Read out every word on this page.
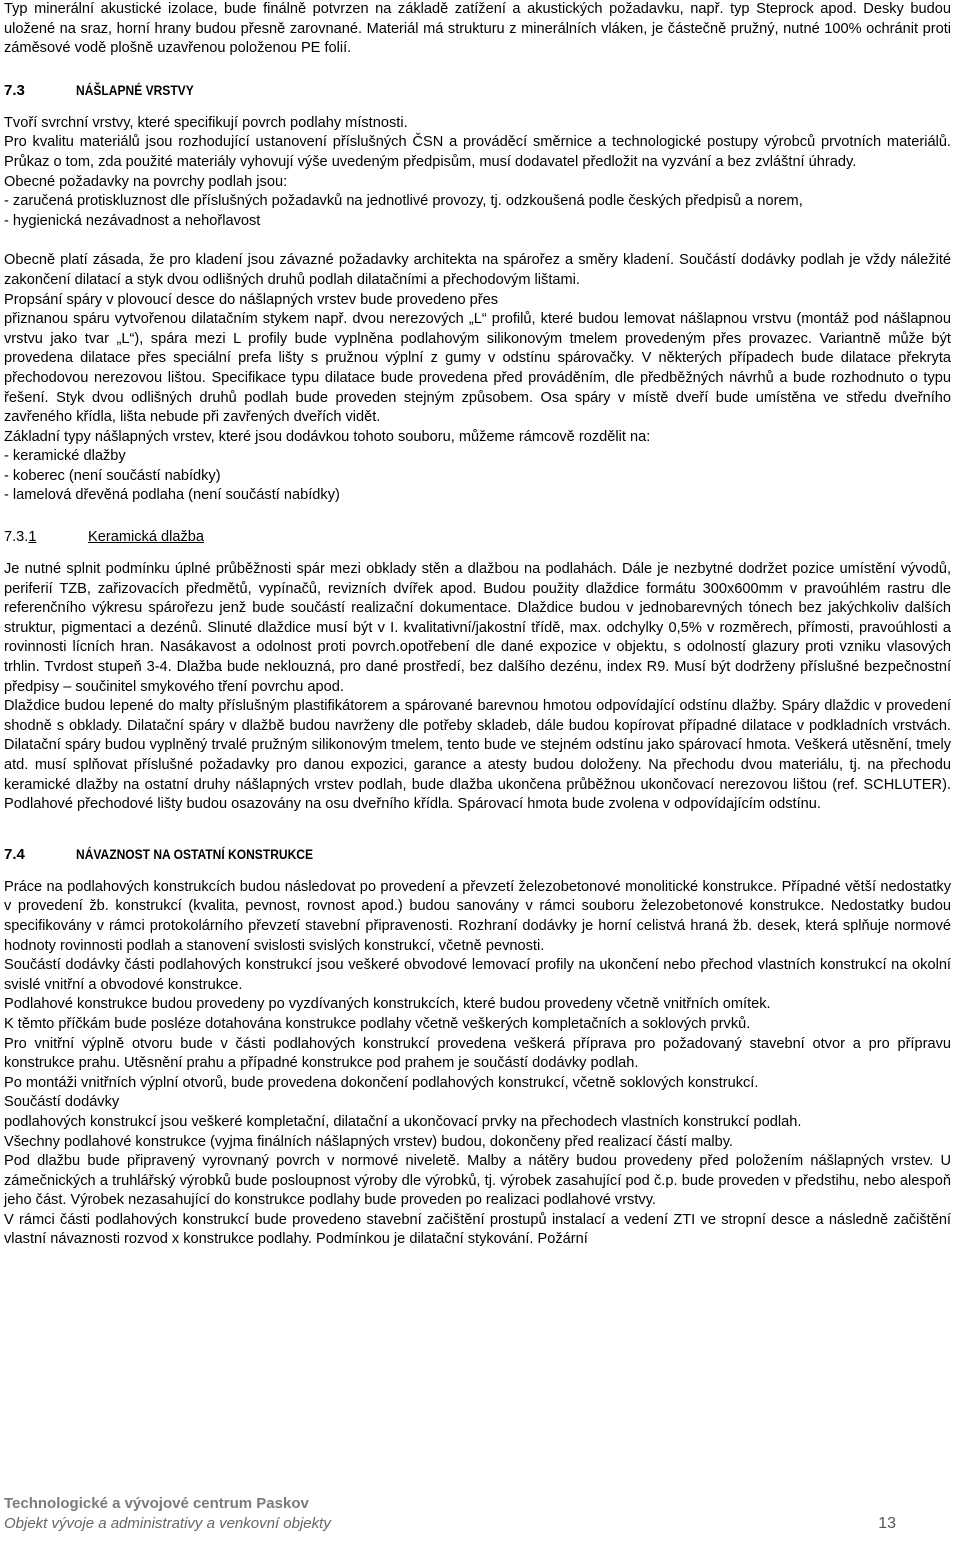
Typ minerální akustické izolace, bude finálně potvrzen na základě zatížení a akustických požadavku, např. typ Steprock apod. Desky budou uložené na sraz, horní hrany budou přesně zarovnané. Materiál má strukturu z minerálních vláken, je částečně pružný, nutné 100% ochránit proti záměsové vodě plošně uzavřenou položenou PE folií.

7.3	NÁŠLAPNÉ VRSTVY

Tvoří svrchní vrstvy, které specifikují povrch podlahy místnosti.

Pro kvalitu materiálů jsou rozhodující ustanovení příslušných ČSN a prováděcí směrnice a technologické postupy výrobců prvotních materiálů. Průkaz o tom, zda použité materiály vyhovují výše uvedeným předpisům, musí dodavatel předložit na vyzvání a bez zvláštní úhrady.

Obecné požadavky na povrchy podlah jsou:

- zaručená protiskluznost dle příslušných požadavků na jednotlivé provozy, tj. odzkoušená podle českých předpisů a norem,

- hygienická nezávadnost a nehořlavost

Obecně platí zásada, že pro kladení jsou závazné požadavky architekta na spárořez a směry kladení. Součástí dodávky podlah je vždy náležité zakončení dilatací a styk dvou odlišných druhů podlah dilatačními a přechodovým lištami.

Propsání spáry v plovoucí desce do nášlapných vrstev bude provedeno přes

přiznanou spáru vytvořenou dilatačním stykem např. dvou nerezových „L“ profilů, které budou lemovat nášlapnou vrstvu (montáž pod nášlapnou vrstvu jako tvar „L“), spára mezi L profily bude vyplněna podlahovým silikonovým tmelem provedeným přes provazec. Variantně může být provedena dilatace přes speciální prefa lišty s pružnou výplní z gumy v odstínu spárovačky. V některých případech bude dilatace překryta přechodovou nerezovou lištou. Specifikace typu dilatace bude provedena před prováděním, dle předběžných návrhů a bude rozhodnuto o typu řešení. Styk dvou odlišných druhů podlah bude proveden stejným způsobem. Osa spáry v místě dveří bude umístěna ve středu dveřního zavřeného křídla, lišta nebude při zavřených dveřích vidět.

Základní typy nášlapných vrstev, které jsou dodávkou tohoto souboru, můžeme rámcově rozdělit na:

- keramické dlažby

- koberec (není součástí nabídky)

- lamelová dřevěná podlaha (není součástí nabídky)

7.3.1	Keramická dlažba

Je nutné splnit podmínku úplné průběžnosti spár mezi obklady stěn a dlažbou na podlahách. Dále je nezbytné dodržet pozice umístění vývodů, periferií TZB, zařizovacích předmětů, vypínačů, revizních dvířek apod. Budou použity dlaždice formátu 300x600mm v pravoúhlém rastru dle referenčního výkresu spárořezu jenž bude součástí realizační dokumentace. Dlaždice budou v jednobarevných tónech bez jakýchkoliv dalších struktur, pigmentaci a dezénů. Slinuté dlaždice musí být v I. kvalitativní/jakostní třídě, max. odchylky 0,5% v rozměrech, přímosti, pravoúhlosti a rovinnosti lícních hran. Nasákavost a odolnost proti povrch.opotřebení dle dané expozice v objektu, s odolností glazury proti vzniku vlasových trhlin. Tvrdost stupeň 3-4. Dlažba bude neklouzná, pro dané prostředí, bez dalšího dezénu, index R9. Musí být dodrženy příslušné bezpečnostní předpisy – součinitel smykového tření povrchu apod.

Dlaždice budou lepené do malty příslušným plastifikátorem a spárované barevnou hmotou odpovídající odstínu dlažby. Spáry dlaždic v provedení shodně s obklady. Dilatační spáry v dlažbě budou navrženy dle potřeby skladeb, dále budou kopírovat případné dilatace v podkladních vrstvách. Dilatační spáry budou vyplněný trvalé pružným silikonovým tmelem, tento bude ve stejném odstínu jako spárovací hmota. Veškerá utěsnění, tmely atd. musí splňovat příslušné požadavky pro danou expozici, garance a atesty budou doloženy. Na přechodu dvou materiálu, tj. na přechodu keramické dlažby na ostatní druhy nášlapných vrstev podlah, bude dlažba ukončena průběžnou ukončovací nerezovou lištou (ref. SCHLUTER). Podlahové přechodové lišty budou osazovány na osu dveřního křídla. Spárovací hmota bude zvolena v odpovídajícím odstínu.

7.4	NÁVAZNOST NA OSTATNÍ KONSTRUKCE

Práce na podlahových konstrukcích budou následovat po provedení a převzetí železobetonové monolitické konstrukce. Případné větší nedostatky v provedení žb. konstrukcí (kvalita, pevnost, rovnost apod.) budou sanovány v rámci souboru železobetonové konstrukce. Nedostatky budou specifikovány v rámci protokolárního převzetí stavební připravenosti. Rozhraní dodávky je horní celistvá hraná žb. desek, která splňuje normové hodnoty rovinnosti podlah a stanovení svislosti svislých konstrukcí, včetně pevnosti.

Součástí dodávky části podlahových konstrukcí jsou veškeré obvodové lemovací profily na ukončení nebo přechod vlastních konstrukcí na okolní svislé vnitřní a obvodové konstrukce.

Podlahové konstrukce budou provedeny po vyzdívaných konstrukcích, které budou provedeny včetně vnitřních omítek.

K těmto příčkám bude posléze dotahována konstrukce podlahy včetně veškerých kompletačních a soklových prvků.

Pro vnitřní výplně otvoru bude v části podlahových konstrukcí provedena veškerá příprava pro požadovaný stavební otvor a pro přípravu konstrukce prahu. Utěsnění prahu a případné konstrukce pod prahem je součástí dodávky podlah.

Po montáži vnitřních výplní otvorů, bude provedena dokončení podlahových konstrukcí, včetně soklových konstrukcí.

Součástí dodávky

podlahových konstrukcí jsou veškeré kompletační, dilatační a ukončovací prvky na přechodech vlastních konstrukcí podlah.

Všechny podlahové konstrukce (vyjma finálních nášlapných vrstev) budou, dokončeny před realizací částí malby.

Pod dlažbu bude připravený vyrovnaný povrch v normové niveletě. Malby a nátěry budou provedeny před položením nášlapných vrstev. U zámečnických a truhlářský výrobků bude posloupnost výroby dle výrobků, tj. výrobek zasahující pod č.p. bude proveden v předstihu, nebo alespoň jeho část. Výrobek nezasahující do konstrukce podlahy bude proveden po realizaci podlahové vrstvy.

V rámci části podlahových konstrukcí bude provedeno stavební začištění prostupů instalací a vedení ZTI ve stropní desce a následně začištění vlastní návaznosti rozvod x konstrukce podlahy. Podmínkou je dilatační stykování. Požární

Technologické a vývojové centrum Paskov
Objekt vývoje a administrativy a venkovní objekty	13
